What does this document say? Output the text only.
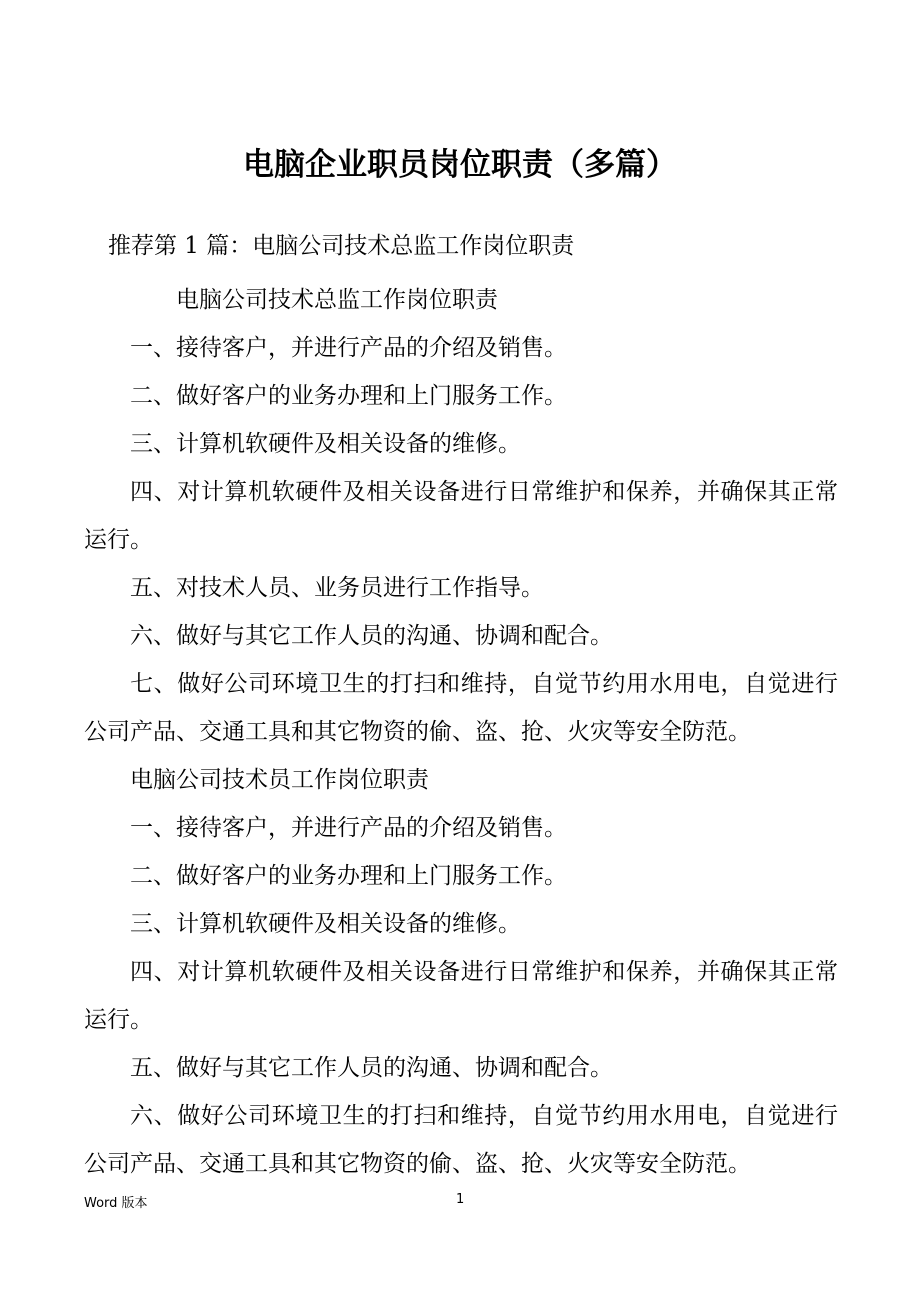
电脑企业职员岗位职责（多篇）
推荐第 1 篇：电脑公司技术总监工作岗位职责

电脑公司技术总监工作岗位职责

一、接待客户，并进行产品的介绍及销售。

二、做好客户的业务办理和上门服务工作。

三、计算机软硬件及相关设备的维修。

四、对计算机软硬件及相关设备进行日常维护和保养，并确保其正常运行。

五、对技术人员、业务员进行工作指导。

六、做好与其它工作人员的沟通、协调和配合。

七、做好公司环境卫生的打扫和维持，自觉节约用水用电，自觉进行公司产品、交通工具和其它物资的偷、盗、抢、火灾等安全防范。

电脑公司技术员工作岗位职责

一、接待客户，并进行产品的介绍及销售。

二、做好客户的业务办理和上门服务工作。

三、计算机软硬件及相关设备的维修。

四、对计算机软硬件及相关设备进行日常维护和保养，并确保其正常运行。

五、做好与其它工作人员的沟通、协调和配合。

六、做好公司环境卫生的打扫和维持，自觉节约用水用电，自觉进行公司产品、交通工具和其它物资的偷、盗、抢、火灾等安全防范。

Word 版本	1
